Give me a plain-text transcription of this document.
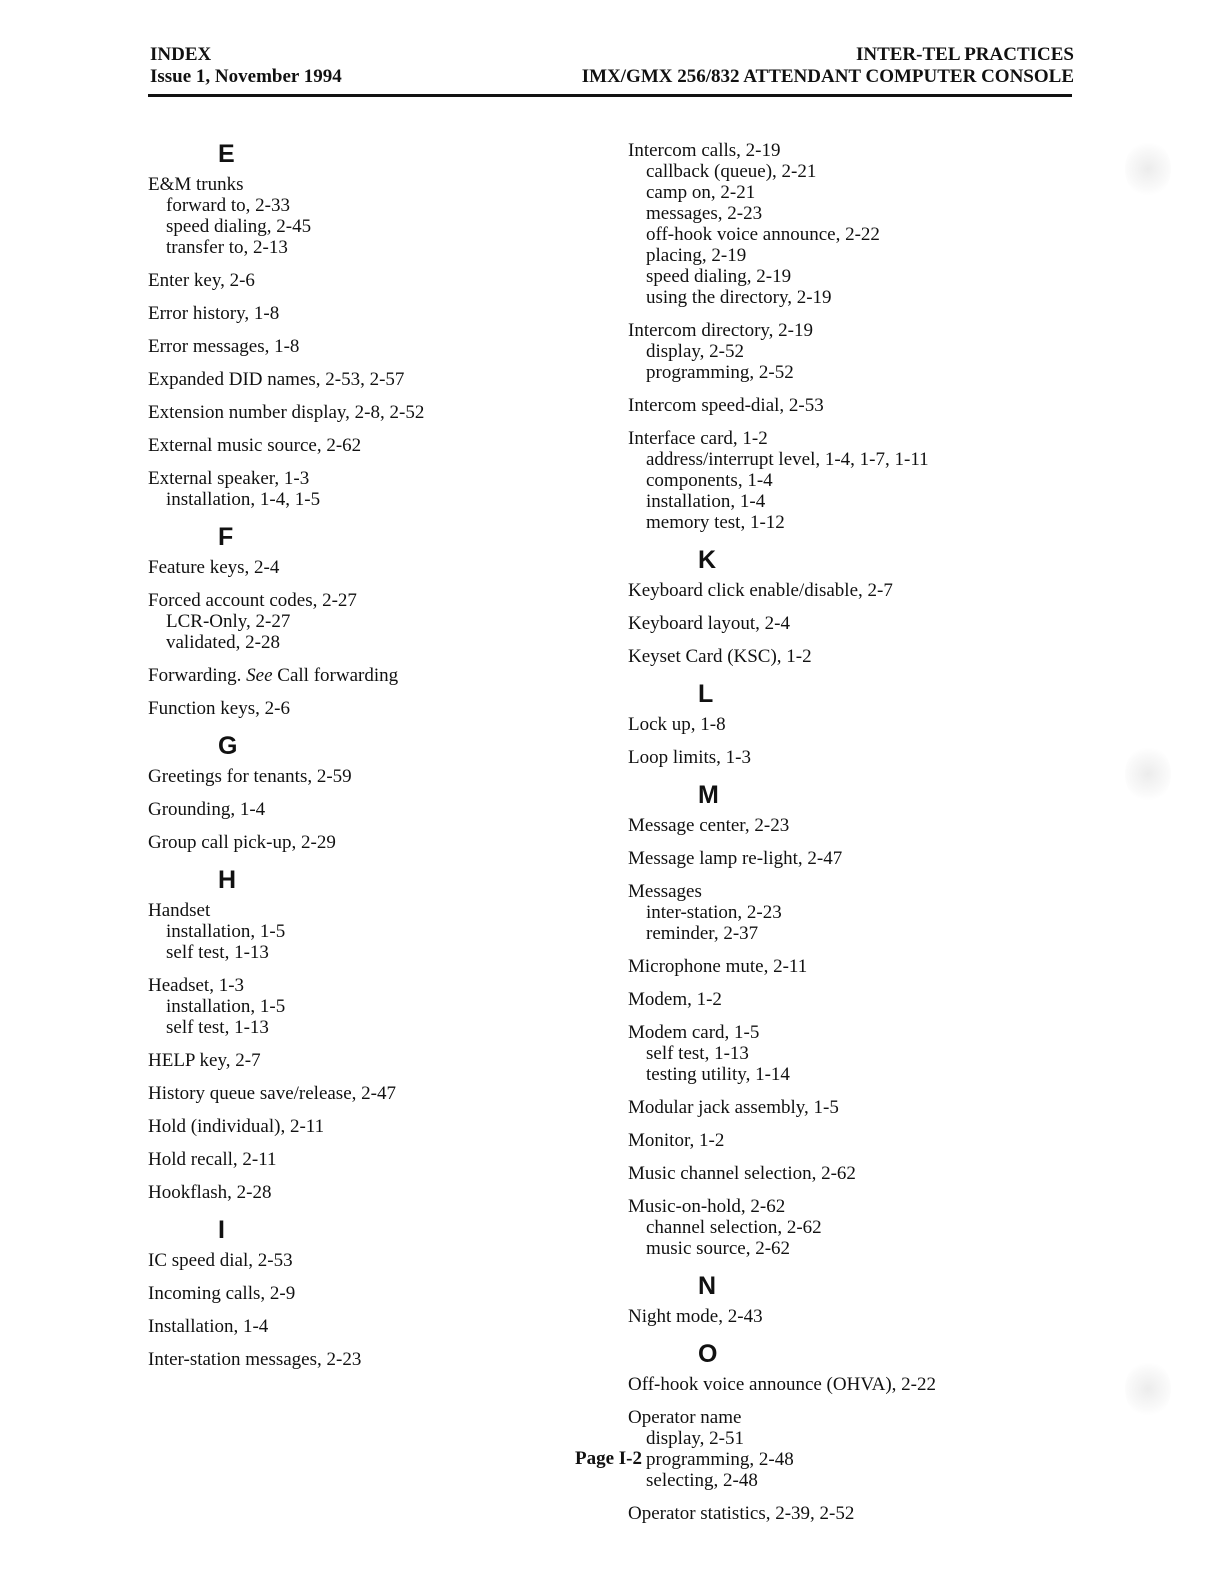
INDEX
Issue 1, November 1994
INTER-TEL PRACTICES
IMX/GMX 256/832 ATTENDANT COMPUTER CONSOLE
E
E&M trunks
forward to, 2-33
speed dialing, 2-45
transfer to, 2-13
Enter key, 2-6
Error history, 1-8
Error messages, 1-8
Expanded DID names, 2-53, 2-57
Extension number display, 2-8, 2-52
External music source, 2-62
External speaker, 1-3
installation, 1-4, 1-5
F
Feature keys, 2-4
Forced account codes, 2-27
LCR-Only, 2-27
validated, 2-28
Forwarding. See Call forwarding
Function keys, 2-6
G
Greetings for tenants, 2-59
Grounding, 1-4
Group call pick-up, 2-29
H
Handset
installation, 1-5
self test, 1-13
Headset, 1-3
installation, 1-5
self test, 1-13
HELP key, 2-7
History queue save/release, 2-47
Hold (individual), 2-11
Hold recall, 2-11
Hookflash, 2-28
I
IC speed dial, 2-53
Incoming calls, 2-9
Installation, 1-4
Inter-station messages, 2-23
Intercom calls, 2-19
callback (queue), 2-21
camp on, 2-21
messages, 2-23
off-hook voice announce, 2-22
placing, 2-19
speed dialing, 2-19
using the directory, 2-19
Intercom directory, 2-19
display, 2-52
programming, 2-52
Intercom speed-dial, 2-53
Interface card, 1-2
address/interrupt level, 1-4, 1-7, 1-11
components, 1-4
installation, 1-4
memory test, 1-12
K
Keyboard click enable/disable, 2-7
Keyboard layout, 2-4
Keyset Card (KSC), 1-2
L
Lock up, 1-8
Loop limits, 1-3
M
Message center, 2-23
Message lamp re-light, 2-47
Messages
inter-station, 2-23
reminder, 2-37
Microphone mute, 2-11
Modem, 1-2
Modem card, 1-5
self test, 1-13
testing utility, 1-14
Modular jack assembly, 1-5
Monitor, 1-2
Music channel selection, 2-62
Music-on-hold, 2-62
channel selection, 2-62
music source, 2-62
N
Night mode, 2-43
O
Off-hook voice announce (OHVA), 2-22
Operator name
display, 2-51
programming, 2-48
selecting, 2-48
Operator statistics, 2-39, 2-52
Page I-2
